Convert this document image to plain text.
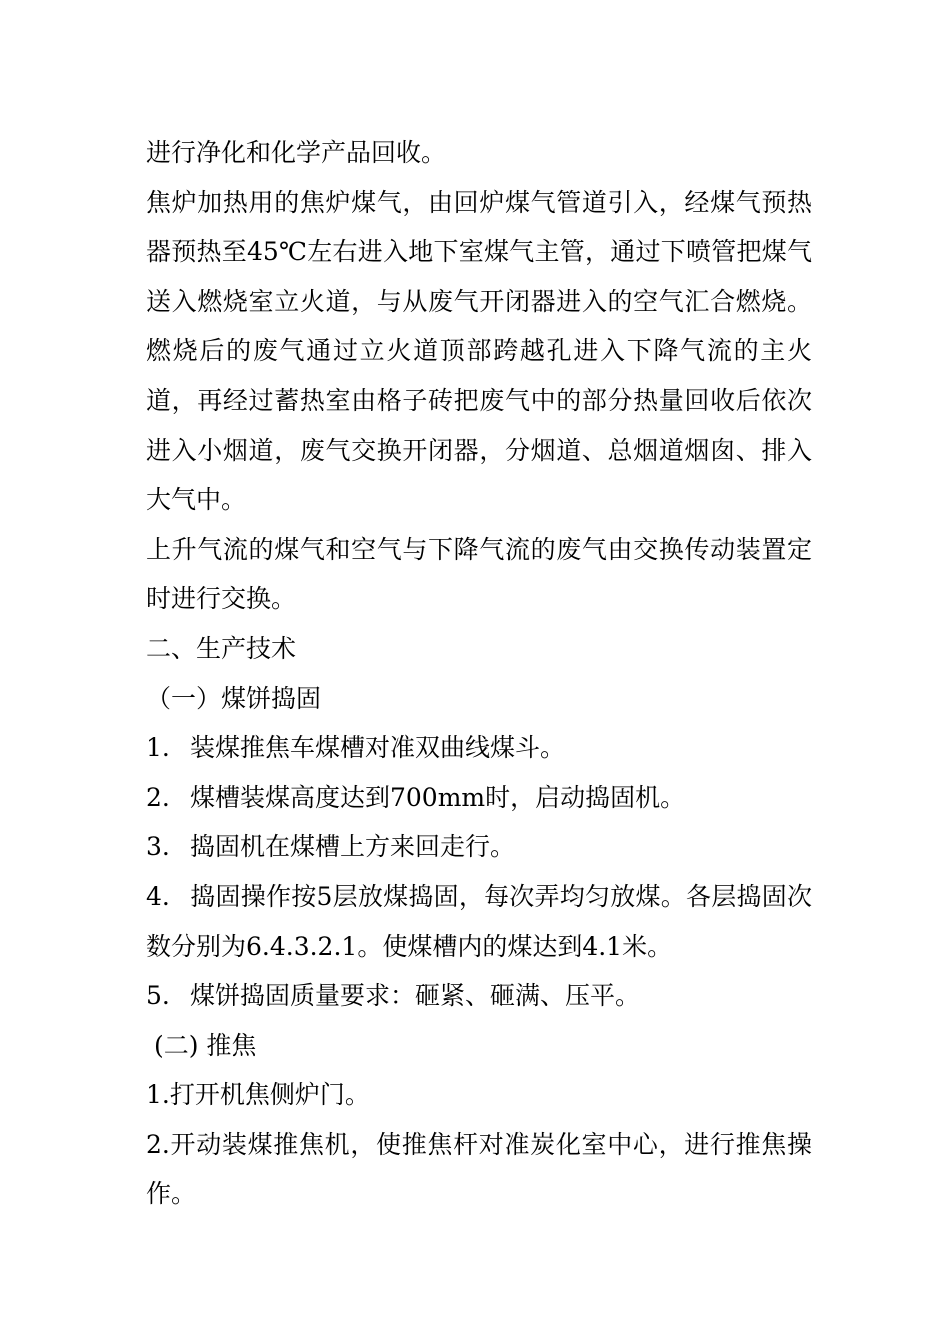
进行净化和化学产品回收。

焦炉加热用的焦炉煤气，由回炉煤气管道引入，经煤气预热器预热至45℃左右进入地下室煤气主管，通过下喷管把煤气送入燃烧室立火道，与从废气开闭器进入的空气汇合燃烧。燃烧后的废气通过立火道顶部跨越孔进入下降气流的主火道，再经过蓄热室由格子砖把废气中的部分热量回收后依次进入小烟道，废气交换开闭器，分烟道、总烟道烟囱、排入大气中。

上升气流的煤气和空气与下降气流的废气由交换传动装置定时进行交换。

二、生产技术

（一）煤饼捣固

1. 装煤推焦车煤槽对准双曲线煤斗。

2. 煤槽装煤高度达到700mm时，启动捣固机。

3. 捣固机在煤槽上方来回走行。

4. 捣固操作按5层放煤捣固，每次弄均匀放煤。各层捣固次数分别为6.4.3.2.1。使煤槽内的煤达到4.1米。

5. 煤饼捣固质量要求：砸紧、砸满、压平。

(二) 推焦

1.打开机焦侧炉门。

2.开动装煤推焦机，使推焦杆对准炭化室中心，进行推焦操作。
